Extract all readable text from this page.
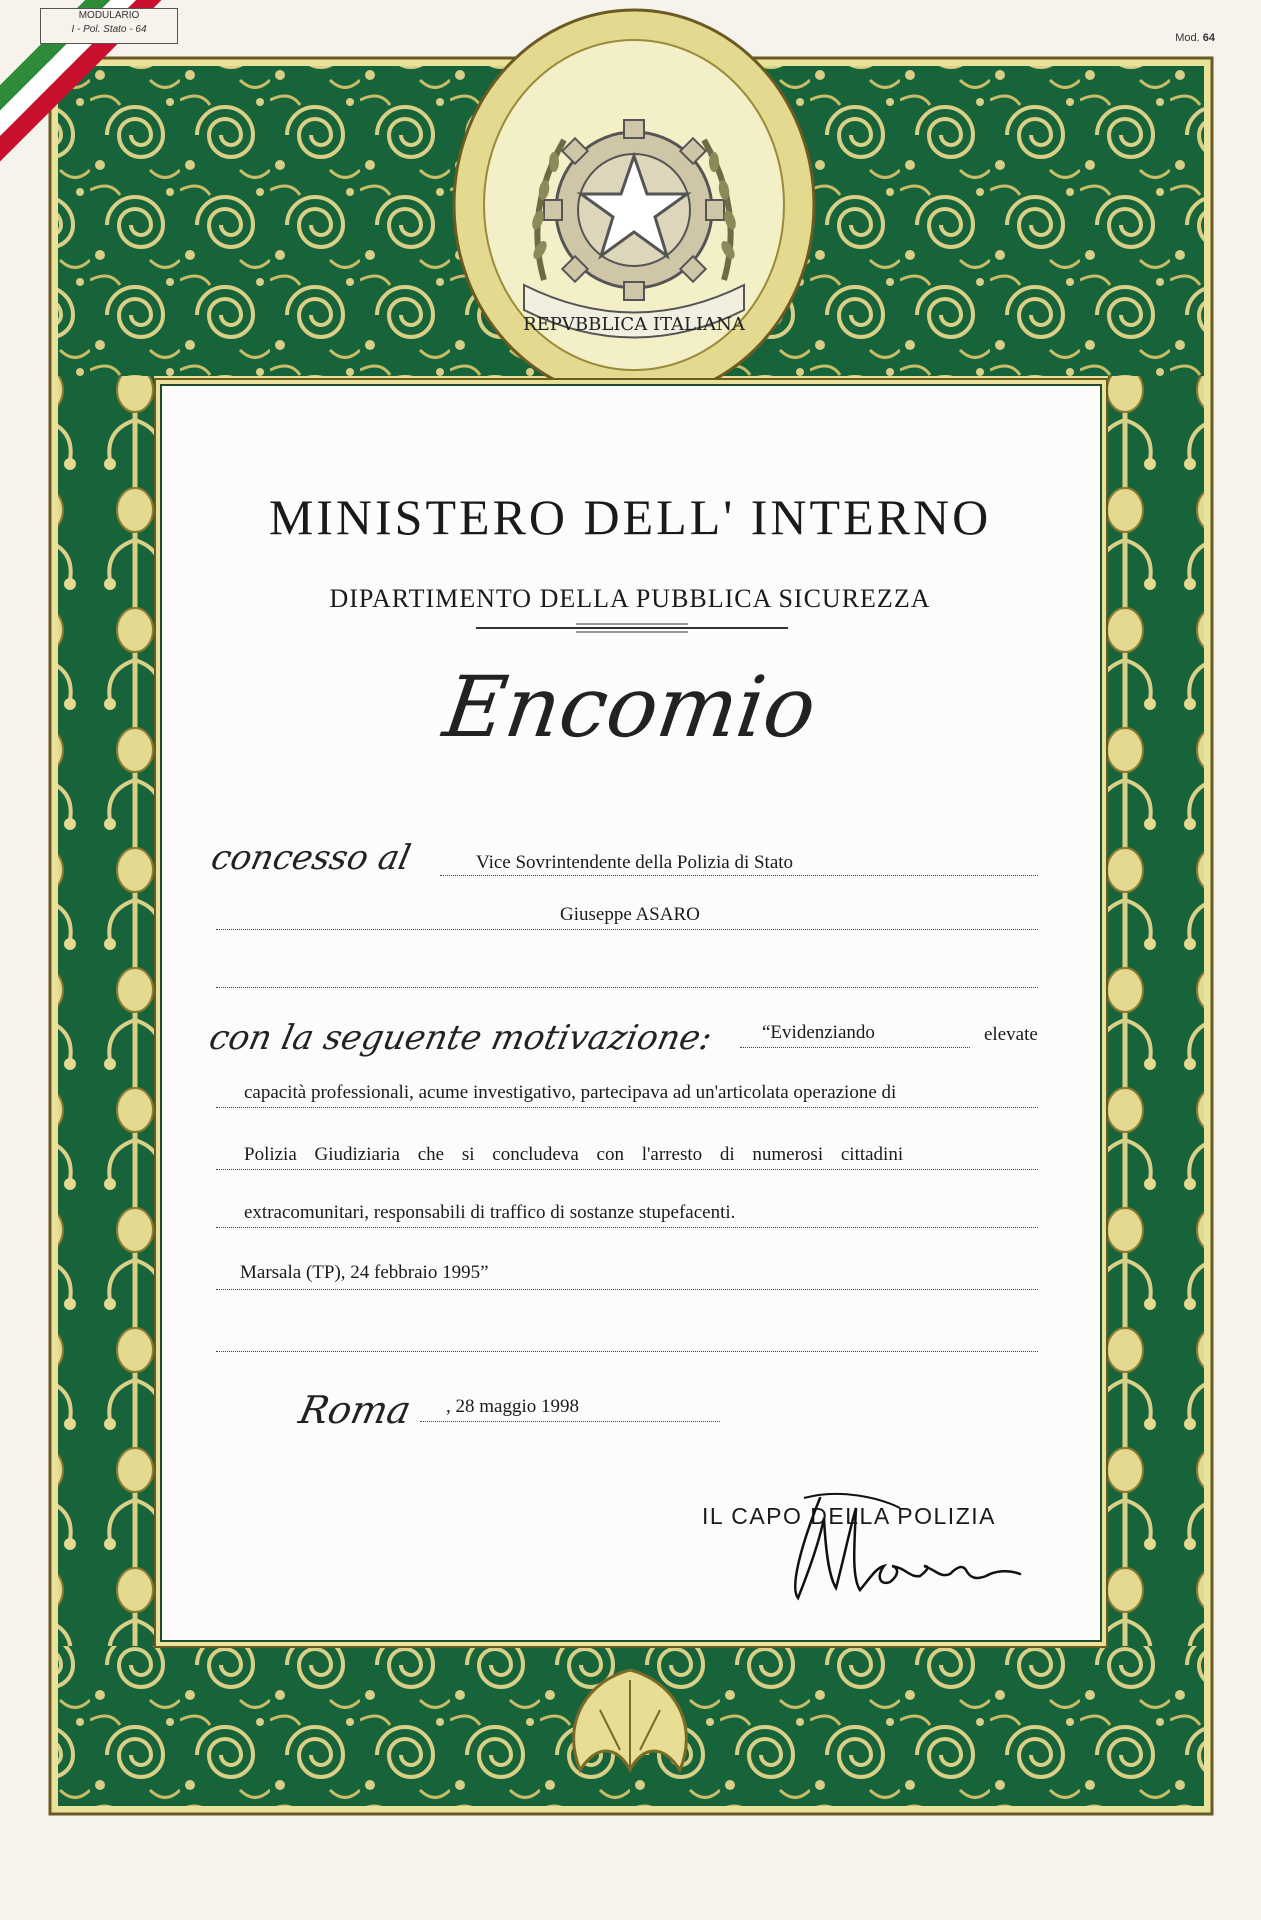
MODULARIO
I - Pol. Stato - 64
Mod. 64
REPVBBLICA ITALIANA
MINISTERO DELL' INTERNO
DIPARTIMENTO DELLA PUBBLICA SICUREZZA
Encomio
concesso al	Vice Sovrintendente della Polizia di Stato
Giuseppe ASARO
con la seguente motivazione: “Evidenziando	elevate
capacità professionali, acume investigativo, partecipava ad un'articolata operazione di
Polizia Giudiziaria che si concludeva con l'arresto di numerosi cittadini
extracomunitari, responsabili di traffico di sostanze stupefacenti.
Marsala (TP), 24 febbraio 1995”
Roma , 28 maggio 1998
IL CAPO DELLA POLIZIA
